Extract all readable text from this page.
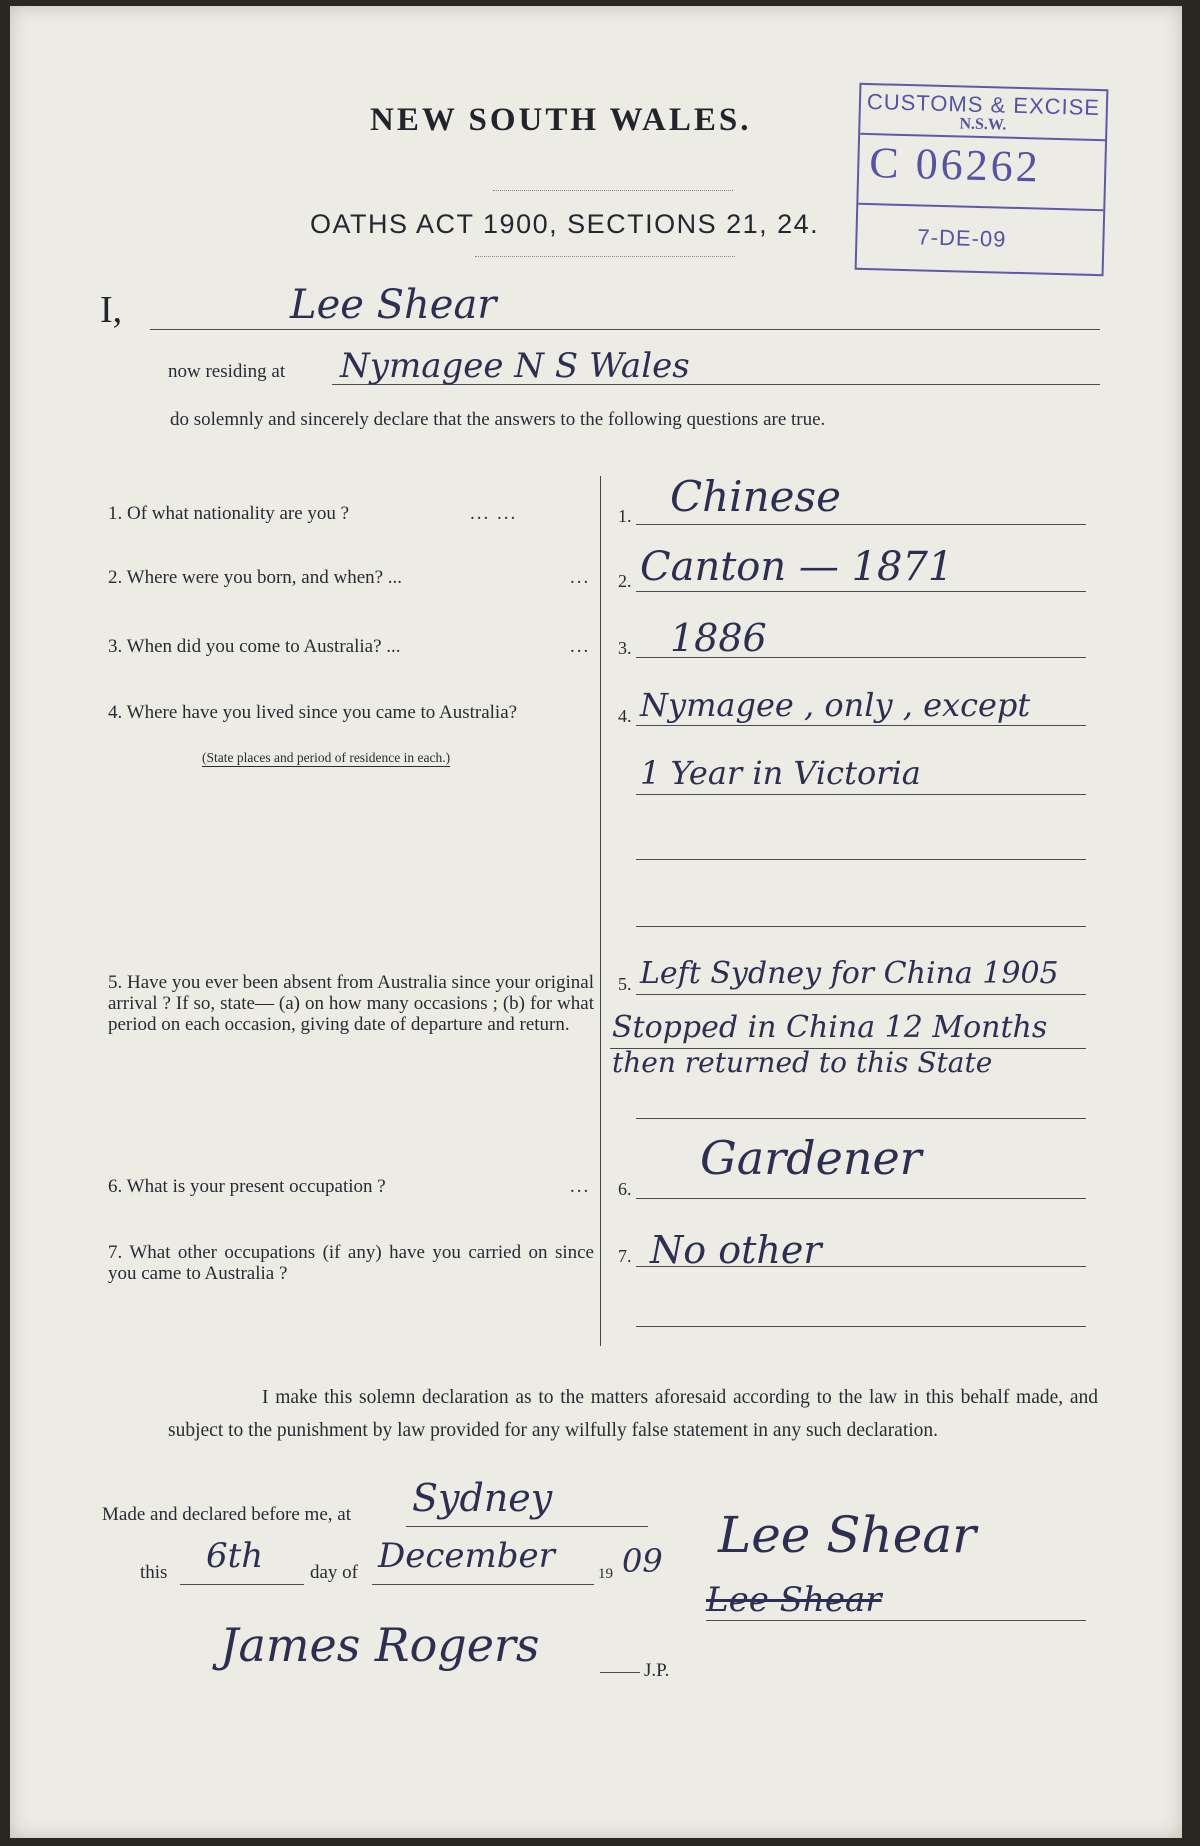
NEW SOUTH WALES.
OATHS ACT 1900, SECTIONS 21, 24.
CUSTOMS & EXCISE
N.S.W.
C 06262
7-DE-09
I,	Lee Shear
now residing at Nymagee N S Wales
do solemnly and sincerely declare that the answers to the following questions are true.
1. Of what nationality are you ?	... ...	1. Chinese
2. Where were you born, and when? ...	... 2. Canton — 1871
3. When did you come to Australia? ...	... 3. 1886
4. Where have you lived since you came to Australia?
(State places and period of residence in each.)
4. Nymagee , only , except
1 Year in Victoria
5. Have you ever been absent from Australia since your original arrival ? If so, state— (a) on how many occasions ; (b) for what period on each occasion, giving date of departure and return.
5. Left Sydney for China 1905
Stopped in China 12 Months
then returned to this State
6. What is your present occupation ?	... 6.
Gardener
7. What other occupations (if any) have you carried on since you came to Australia ?
7. No other
I make this solemn declaration as to the matters aforesaid according to the law in this behalf made, and subject to the punishment by law provided for any wilfully false statement in any such declaration.
Made and declared before me, at Sydney
this 6th day of December	19 09 Lee Shear
Lee Shear
James Rogers	J.P.
